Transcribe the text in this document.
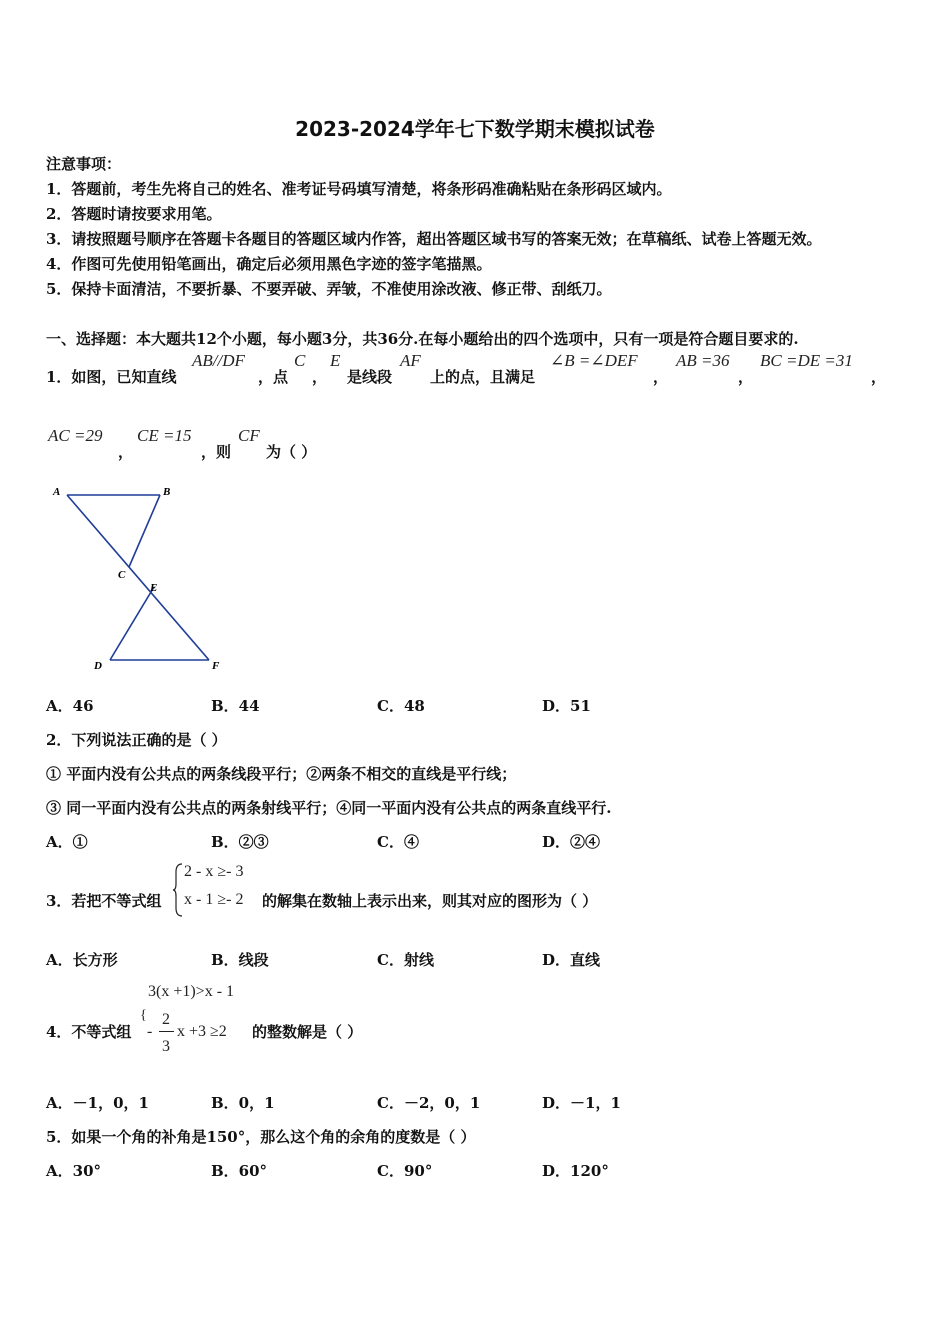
2023-2024学年七下数学期末模拟试卷
注意事项：
1．答题前，考生先将自己的姓名、准考证号码填写清楚，将条形码准确粘贴在条形码区域内。
2．答题时请按要求用笔。
3．请按照题号顺序在答题卡各题目的答题区域内作答，超出答题区域书写的答案无效；在草稿纸、试卷上答题无效。
4．作图可先使用铅笔画出，确定后必须用黑色字迹的签字笔描黑。
5．保持卡面清洁，不要折暴、不要弄破、弄皱，不准使用涂改液、修正带、刮纸刀。
一、选择题：本大题共12个小题，每小题3分，共36分.在每小题给出的四个选项中，只有一项是符合题目要求的.
1．如图，已知直线
AB//DF
，点
C
，
E
是线段
AF
上的点，且满足
∠B =∠DEF
，
AB =36
，
BC =DE =31
，
AC =29
，
CE =15
，则
CF
为（ ）
A	B
C
E
D	F
A．46	B．44	C．48	D．51
2．下列说法正确的是（ ）
① 平面内没有公共点的两条线段平行；②两条不相交的直线是平行线；
③ 同一平面内没有公共点的两条射线平行；④同一平面内没有公共点的两条直线平行.
A．①	B．②③	C．④	D．②④
3．若把不等式组
2 - x ≥- 3
x - 1 ≥- 2 的解集在数轴上表示出来，则其对应的图形为（ ）
A．长方形	B．线段	C．射线	D．直线
3(x +1)>x - 1
4．不等式组
{
-
2
3
x +3 ≥2 的整数解是（ ）
A．－1，0，1	B．0，1	C．－2，0，1	D．－1，1
5．如果一个角的补角是150°，那么这个角的余角的度数是（ ）
A．30°	B．60°	C．90°	D．120°
